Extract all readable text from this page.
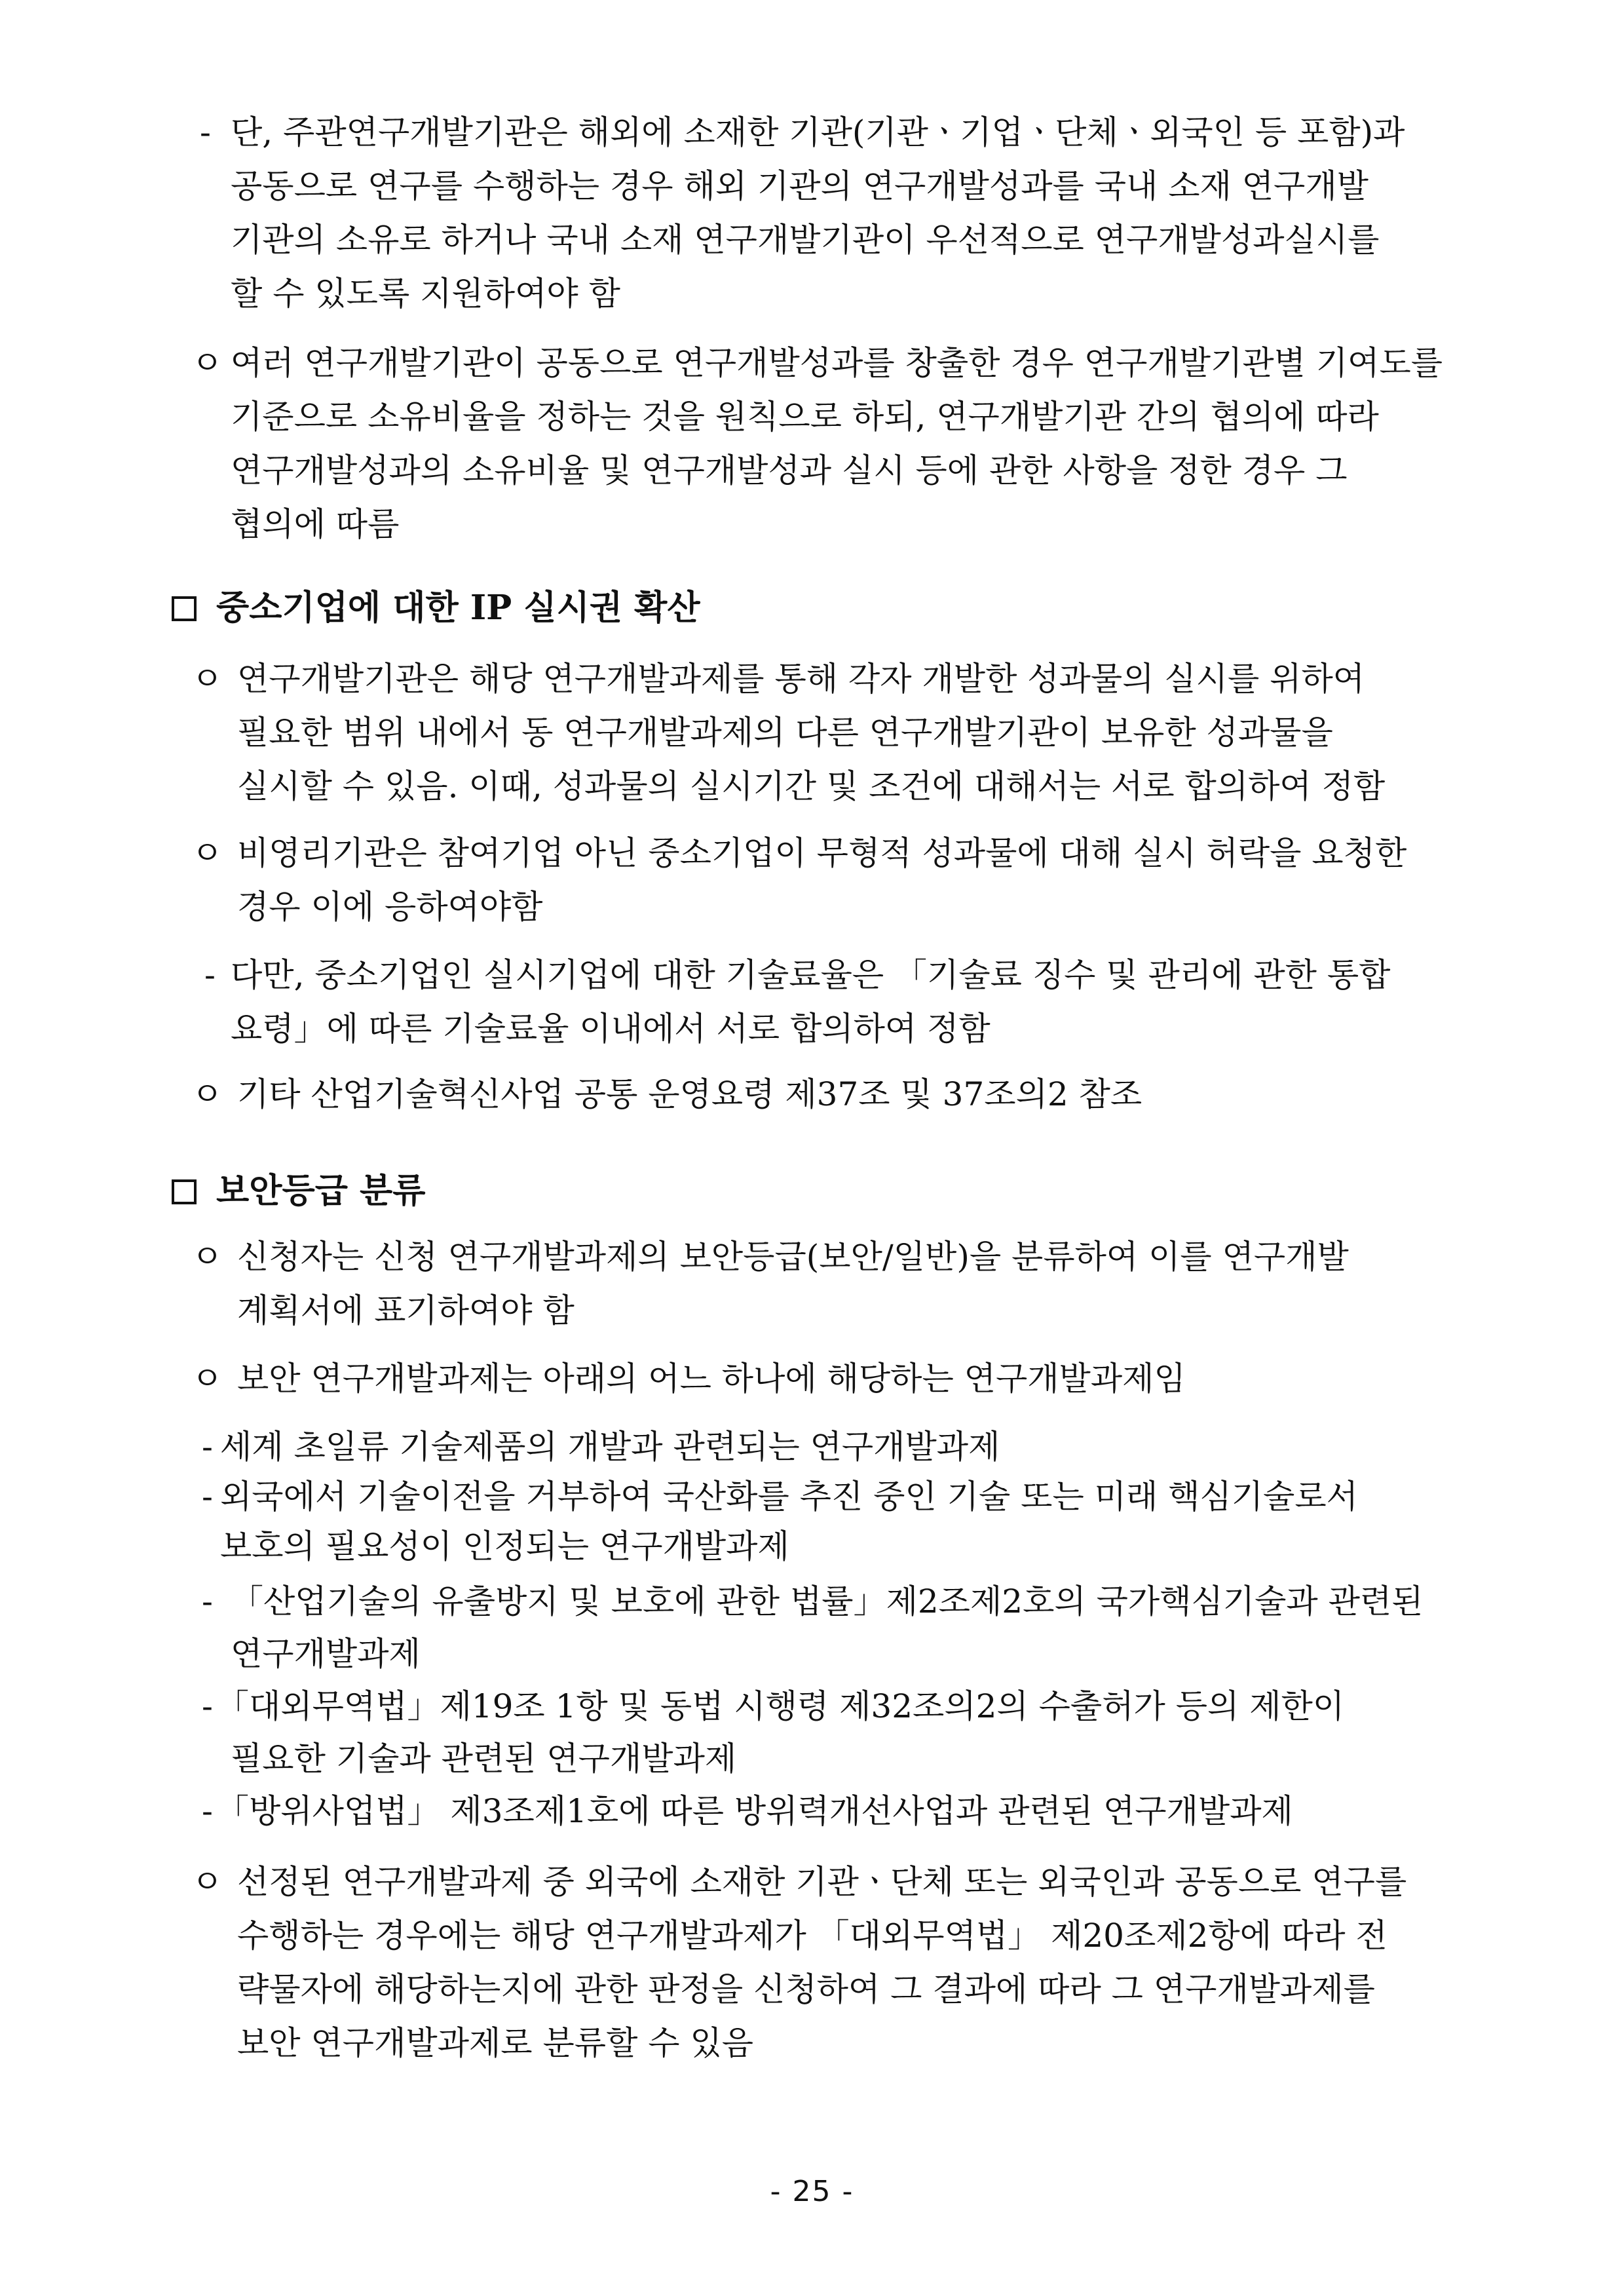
- 단, 주관연구개발기관은 해외에 소재한 기관(기관ㆍ기업ㆍ단체ㆍ외국인 등 포함)과
공동으로 연구를 수행하는 경우 해외 기관의 연구개발성과를 국내 소재 연구개발
기관의 소유로 하거나 국내 소재 연구개발기관이 우선적으로 연구개발성과실시를
할 수 있도록 지원하여야 함
ㅇ 여러 연구개발기관이 공동으로 연구개발성과를 창출한 경우 연구개발기관별 기여도를
기준으로 소유비율을 정하는 것을 원칙으로 하되, 연구개발기관 간의 협의에 따라
연구개발성과의 소유비율 및 연구개발성과 실시 등에 관한 사항을 정한 경우 그
협의에 따름
중소기업에 대한 IP 실시권 확산
ㅇ 연구개발기관은 해당 연구개발과제를 통해 각자 개발한 성과물의 실시를 위하여
필요한 범위 내에서 동 연구개발과제의 다른 연구개발기관이 보유한 성과물을
실시할 수 있음. 이때, 성과물의 실시기간 및 조건에 대해서는 서로 합의하여 정함
ㅇ 비영리기관은 참여기업 아닌 중소기업이 무형적 성과물에 대해 실시 허락을 요청한
경우 이에 응하여야함
- 다만, 중소기업인 실시기업에 대한 기술료율은 「기술료 징수 및 관리에 관한 통합
요령」에 따른 기술료율 이내에서 서로 합의하여 정함
ㅇ 기타 산업기술혁신사업 공통 운영요령 제37조 및 37조의2 참조
보안등급 분류
ㅇ 신청자는 신청 연구개발과제의 보안등급(보안/일반)을 분류하여 이를 연구개발
계획서에 표기하여야 함
ㅇ 보안 연구개발과제는 아래의 어느 하나에 해당하는 연구개발과제임
- 세계 초일류 기술제품의 개발과 관련되는 연구개발과제
- 외국에서 기술이전을 거부하여 국산화를 추진 중인 기술 또는 미래 핵심기술로서
보호의 필요성이 인정되는 연구개발과제
- 「산업기술의 유출방지 및 보호에 관한 법률」제2조제2호의 국가핵심기술과 관련된
연구개발과제
- 「대외무역법」제19조 1항 및 동법 시행령 제32조의2의 수출허가 등의 제한이
필요한 기술과 관련된 연구개발과제
- 「방위사업법」 제3조제1호에 따른 방위력개선사업과 관련된 연구개발과제
ㅇ 선정된 연구개발과제 중 외국에 소재한 기관ㆍ단체 또는 외국인과 공동으로 연구를
수행하는 경우에는 해당 연구개발과제가 「대외무역법」 제20조제2항에 따라 전
략물자에 해당하는지에 관한 판정을 신청하여 그 결과에 따라 그 연구개발과제를
보안 연구개발과제로 분류할 수 있음
- 25 -
